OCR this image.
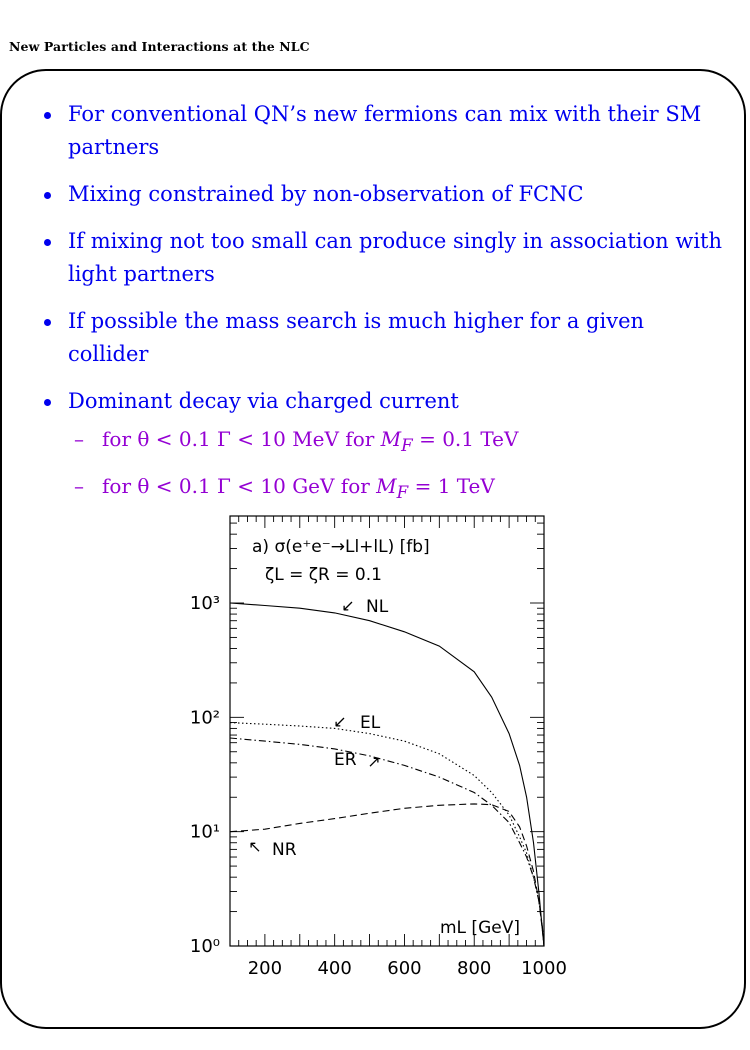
New Particles and Interactions at the NLC
For conventional QN’s new fermions can mix with their SM partners
Mixing constrained by non-observation of FCNC
If mixing not too small can produce singly in association with light partners
If possible the mass search is much higher for a given collider
Dominant decay via charged current
– for θ < 0.1 Γ < 10 MeV for $M_F = 0.1$ TeV
– for θ < 0.1 Γ < 10 GeV for $M_F = 1$ TeV
200 400 600 800 1000
10⁰
10¹
10²
10³	↙ NL
↙ EL
↗
ER
↖ NR
a) σ(e⁺e⁻→Ll+lL) [fb]
ζL = ζR = 0.1
mL [GeV]
